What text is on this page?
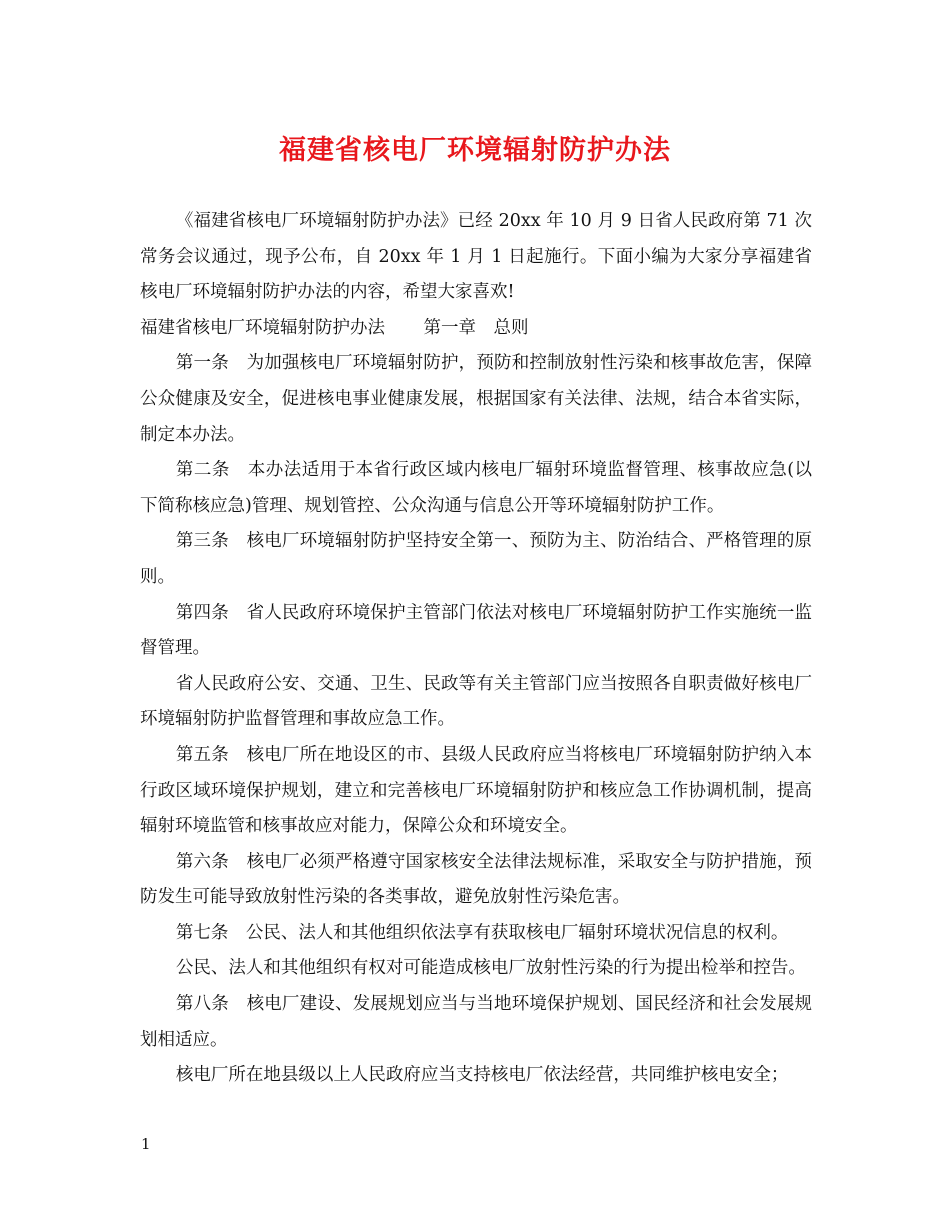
福建省核电厂环境辐射防护办法

《福建省核电厂环境辐射防护办法》已经 20xx 年 10 月 9 日省人民政府第 71 次常务会议通过，现予公布，自 20xx 年 1 月 1 日起施行。下面小编为大家分享福建省核电厂环境辐射防护办法的内容，希望大家喜欢!

福建省核电厂环境辐射防护办法 第一章 总则

第一条 为加强核电厂环境辐射防护，预防和控制放射性污染和核事故危害，保障公众健康及安全，促进核电事业健康发展，根据国家有关法律、法规，结合本省实际，制定本办法。

第二条 本办法适用于本省行政区域内核电厂辐射环境监督管理、核事故应急(以下简称核应急)管理、规划管控、公众沟通与信息公开等环境辐射防护工作。

第三条 核电厂环境辐射防护坚持安全第一、预防为主、防治结合、严格管理的原则。

第四条 省人民政府环境保护主管部门依法对核电厂环境辐射防护工作实施统一监督管理。

省人民政府公安、交通、卫生、民政等有关主管部门应当按照各自职责做好核电厂环境辐射防护监督管理和事故应急工作。

第五条 核电厂所在地设区的市、县级人民政府应当将核电厂环境辐射防护纳入本行政区域环境保护规划，建立和完善核电厂环境辐射防护和核应急工作协调机制，提高辐射环境监管和核事故应对能力，保障公众和环境安全。

第六条 核电厂必须严格遵守国家核安全法律法规标准，采取安全与防护措施，预防发生可能导致放射性污染的各类事故，避免放射性污染危害。

第七条 公民、法人和其他组织依法享有获取核电厂辐射环境状况信息的权利。

公民、法人和其他组织有权对可能造成核电厂放射性污染的行为提出检举和控告。

第八条 核电厂建设、发展规划应当与当地环境保护规划、国民经济和社会发展规划相适应。

核电厂所在地县级以上人民政府应当支持核电厂依法经营，共同维护核电安全；

1
